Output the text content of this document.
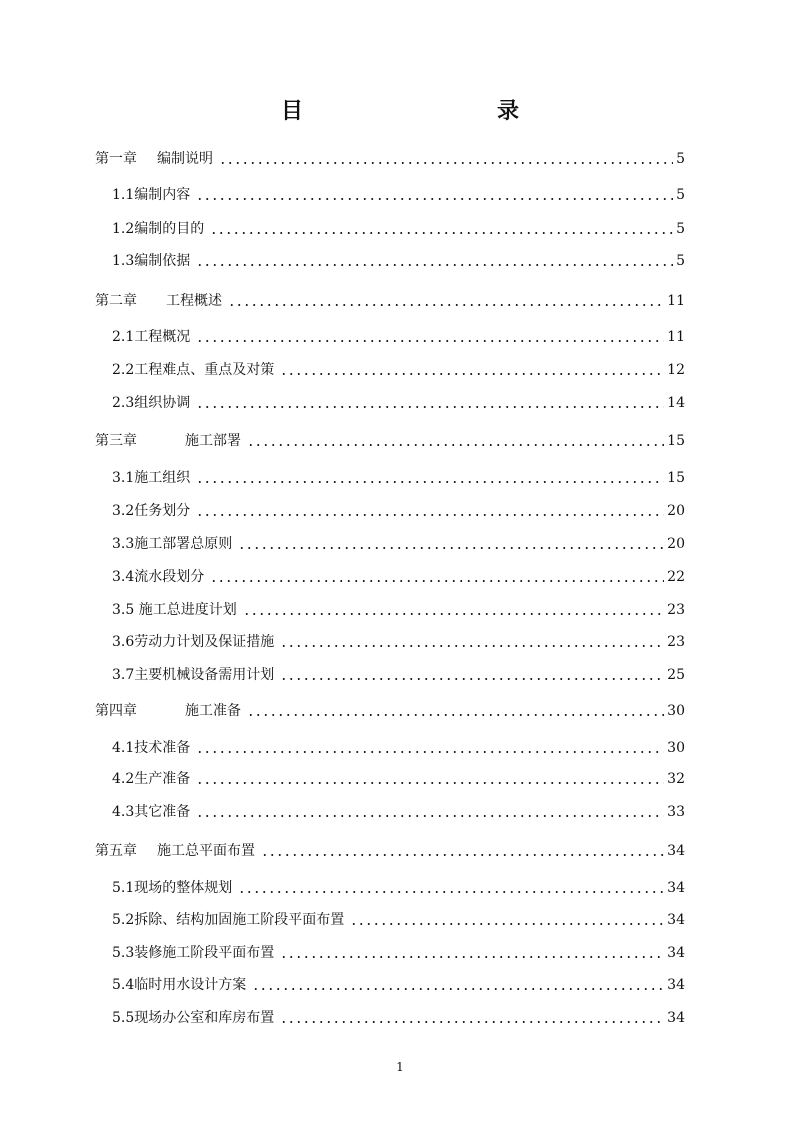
目　　录
第一章 编制说明	5
1.1编制内容	5
1.2编制的目的	5
1.3编制依据	5
第二章 工程概述	11
2.1工程概况	11
2.2工程难点、重点及对策	12
2.3组织协调	14
第三章	施工部署	15
3.1施工组织	15
3.2任务划分	20
3.3施工部署总原则	20
3.4流水段划分	22
3.5 施工总进度计划	23
3.6劳动力计划及保证措施	23
3.7主要机械设备需用计划	25
第四章	施工准备	30
4.1技术准备	30
4.2生产准备	32
4.3其它准备	33
第五章 施工总平面布置	34
5.1现场的整体规划	34
5.2拆除、结构加固施工阶段平面布置	34
5.3装修施工阶段平面布置	34
5.4临时用水设计方案	34
5.5现场办公室和库房布置	34
1
